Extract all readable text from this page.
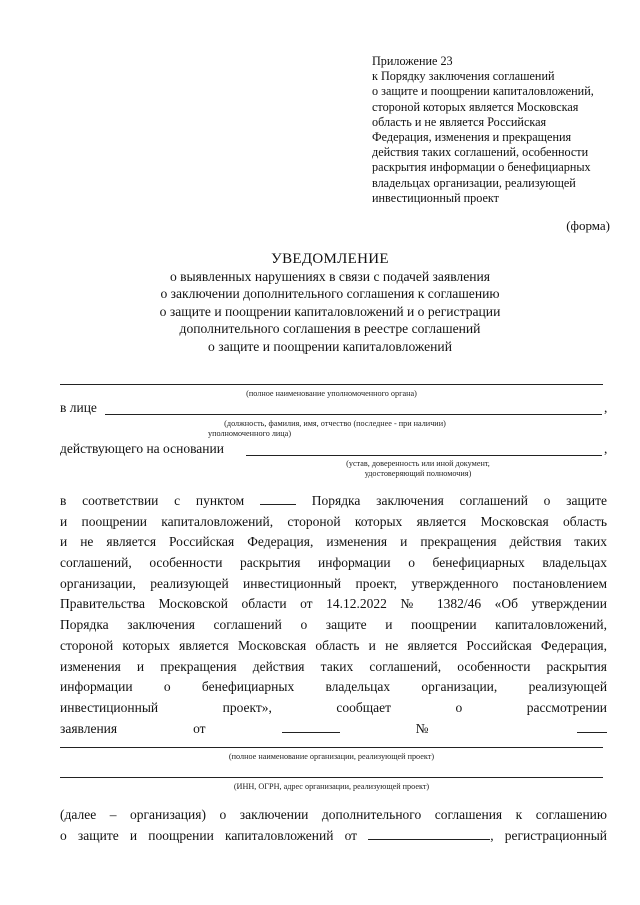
Приложение 23
к Порядку заключения соглашений
о защите и поощрении капиталовложений,
стороной которых является Московская
область и не является Российская
Федерация, изменения и прекращения
действия таких соглашений, особенности
раскрытия информации о бенефициарных
владельцах организации, реализующей
инвестиционный проект
(форма)
УВЕДОМЛЕНИЕ
о выявленных нарушениях в связи с подачей заявления
о заключении дополнительного соглашения к соглашению
о защите и поощрении капиталовложений и о регистрации
дополнительного соглашения в реестре соглашений
о защите и поощрении капиталовложений
(полное наименование уполномоченного органа)
в лице	,
(должность, фамилия, имя, отчество (последнее - при наличии)
уполномоченного лица)
действующего на основании	,
(устав, доверенность или иной документ,
удостоверяющий полномочия)
в соответствии с пунктом	Порядка заключения соглашений о защите
и поощрении капиталовложений, стороной которых является Московская область
и не является Российская Федерация, изменения и прекращения действия таких
соглашений, особенности раскрытия информации о бенефициарных владельцах
организации, реализующей инвестиционный проект, утвержденного постановлением
Правительства Московской области от 14.12.2022 № 1382/46 «Об утверждении
Порядка заключения соглашений о защите и поощрении капиталовложений,
стороной которых является Московская область и не является Российская Федерация,
изменения и прекращения действия таких соглашений, особенности раскрытия
информации о бенефициарных владельцах организации, реализующей
инвестиционный	проект»,	сообщает	о	рассмотрении
заявления	от	№
(полное наименование организации, реализующей проект)
(ИНН, ОГРН, адрес организации, реализующей проект)
(далее – организация) о заключении дополнительного соглашения к соглашению
о защите и поощрении капиталовложений от	, регистрационный
